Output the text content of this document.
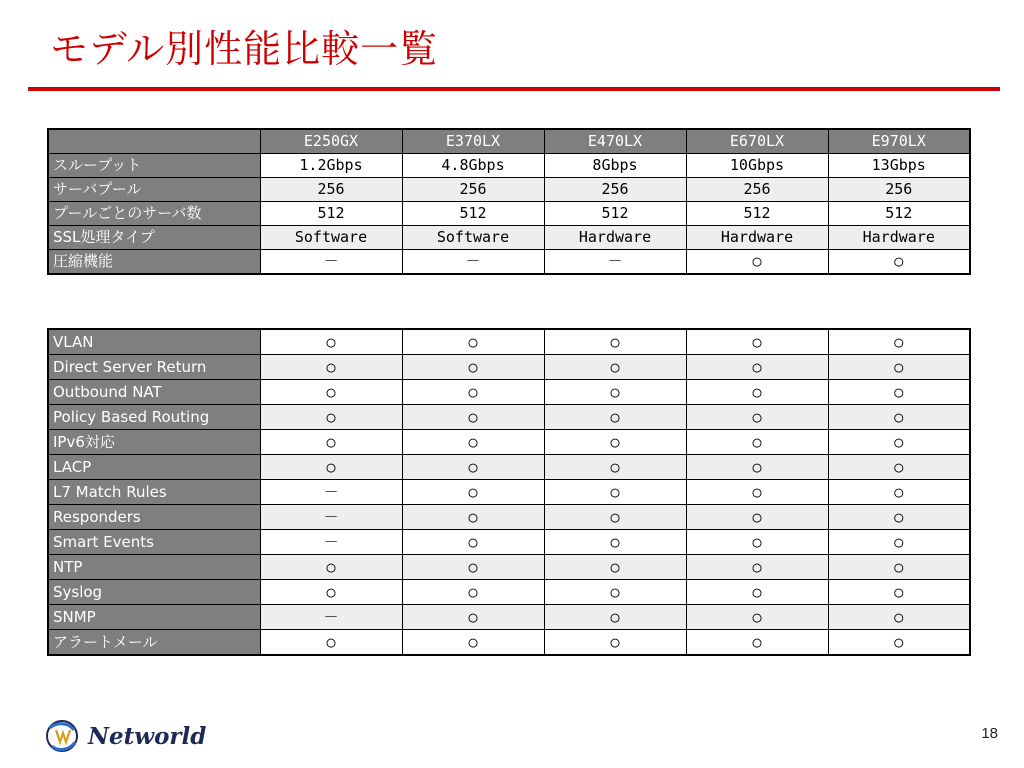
モデル別性能比較一覧
	E250GX	E370LX	E470LX	E670LX	E970LX
スループット	1.2Gbps	4.8Gbps	8Gbps	10Gbps	13Gbps
サーバプール	256	256	256	256	256
プールごとのサーバ数	512	512	512	512	512
SSL処理タイプ	Software	Software	Hardware	Hardware	Hardware
圧縮機能	－	－	－	○	○
VLAN	○	○	○	○	○
Direct Server Return	○	○	○	○	○
Outbound NAT	○	○	○	○	○
Policy Based Routing	○	○	○	○	○
IPv6対応	○	○	○	○	○
LACP	○	○	○	○	○
L7 Match Rules	－	○	○	○	○
Responders	－	○	○	○	○
Smart Events	－	○	○	○	○
NTP	○	○	○	○	○
Syslog	○	○	○	○	○
SNMP	－	○	○	○	○
アラートメール	○	○	○	○	○
Networld	18
